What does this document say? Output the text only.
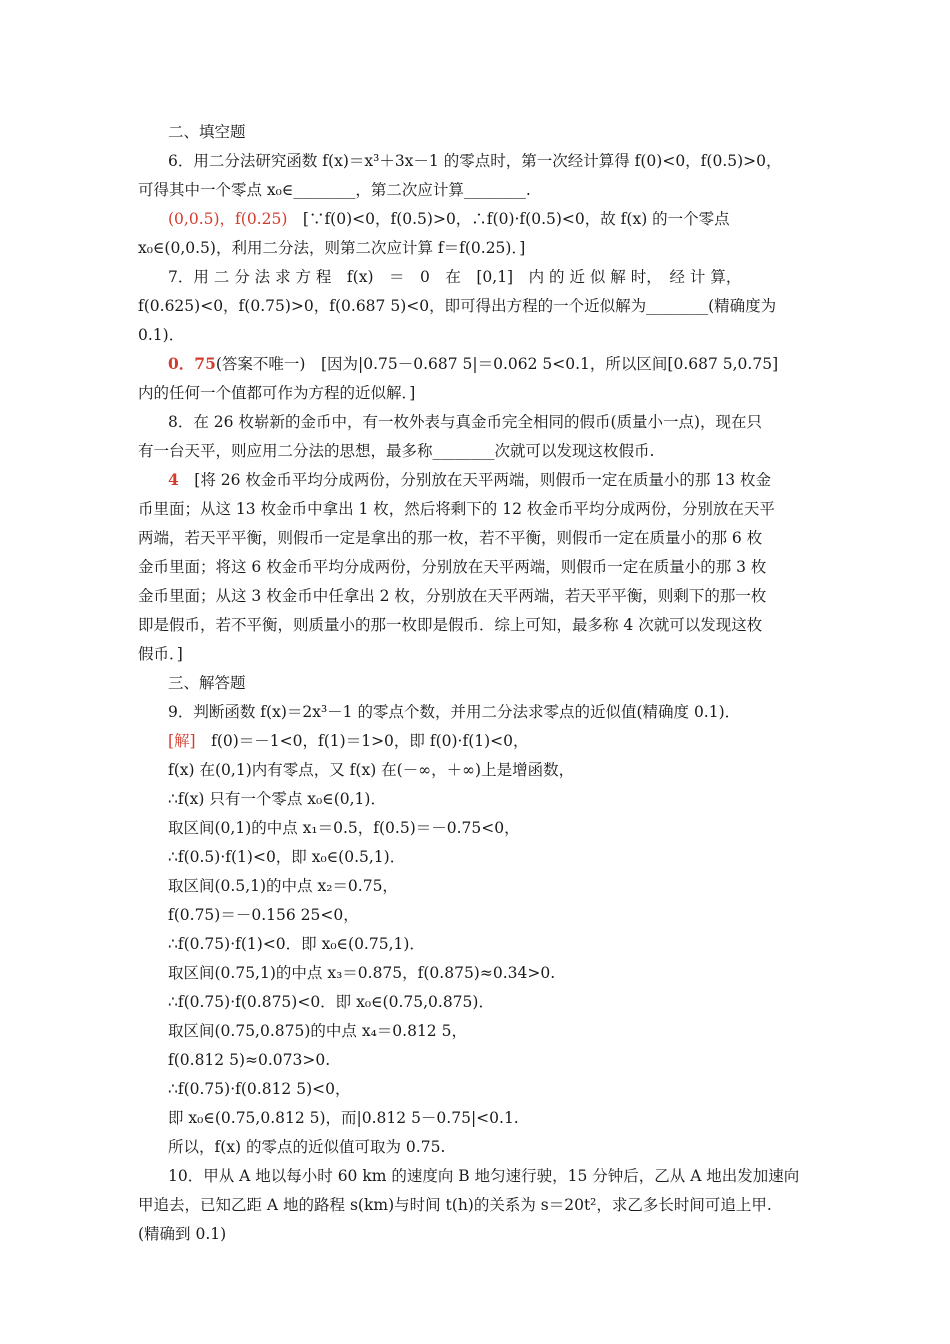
二、填空题
6．用二分法研究函数 f(x)＝x³＋3x－1 的零点时，第一次经计算得 f(0)<0，f(0.5)>0，
可得其中一个零点 x₀∈________，第二次应计算________.
(0,0.5)，f(0.25)　[∵f(0)<0，f(0.5)>0，∴f(0)·f(0.5)<0，故 f(x) 的一个零点
x₀∈(0,0.5)，利用二分法，则第二次应计算 f＝f(0.25)．]
7．用 二 分 法 求 方 程　f(x)　＝　0　在　[0,1]　内 的 近 似 解 时，　经 计 算，
f(0.625)<0，f(0.75)>0，f(0.687 5)<0，即可得出方程的一个近似解为________(精确度为
0.1)．
0．75(答案不唯一)　[因为|0.75－0.687 5|＝0.062 5<0.1，所以区间[0.687 5,0.75]
内的任何一个值都可作为方程的近似解．]
8．在 26 枚崭新的金币中，有一枚外表与真金币完全相同的假币(质量小一点)，现在只
有一台天平，则应用二分法的思想，最多称________次就可以发现这枚假币.
4　[将 26 枚金币平均分成两份，分别放在天平两端，则假币一定在质量小的那 13 枚金
币里面；从这 13 枚金币中拿出 1 枚，然后将剩下的 12 枚金币平均分成两份，分别放在天平
两端，若天平平衡，则假币一定是拿出的那一枚，若不平衡，则假币一定在质量小的那 6 枚
金币里面；将这 6 枚金币平均分成两份，分别放在天平两端，则假币一定在质量小的那 3 枚
金币里面；从这 3 枚金币中任拿出 2 枚，分别放在天平两端，若天平平衡，则剩下的那一枚
即是假币，若不平衡，则质量小的那一枚即是假币．综上可知，最多称 4 次就可以发现这枚
假币．]
三、解答题
9．判断函数 f(x)＝2x³－1 的零点个数，并用二分法求零点的近似值(精确度 0.1)．
[解]　f(0)＝－1<0，f(1)＝1>0，即 f(0)·f(1)<0，
f(x) 在(0,1)内有零点，又 f(x) 在(－∞，＋∞)上是增函数，
∴f(x) 只有一个零点 x₀∈(0,1)．
取区间(0,1)的中点 x₁＝0.5，f(0.5)＝－0.75<0，
∴f(0.5)·f(1)<0，即 x₀∈(0.5,1)．
取区间(0.5,1)的中点 x₂＝0.75，
f(0.75)＝－0.156 25<0，
∴f(0.75)·f(1)<0．即 x₀∈(0.75,1)．
取区间(0.75,1)的中点 x₃＝0.875，f(0.875)≈0.34>0.
∴f(0.75)·f(0.875)<0．即 x₀∈(0.75,0.875)．
取区间(0.75,0.875)的中点 x₄＝0.812 5，
f(0.812 5)≈0.073>0.
∴f(0.75)·f(0.812 5)<0，
即 x₀∈(0.75,0.812 5)，而|0.812 5－0.75|<0.1.
所以，f(x) 的零点的近似值可取为 0.75.
10．甲从 A 地以每小时 60 km 的速度向 B 地匀速行驶，15 分钟后，乙从 A 地出发加速向
甲追去，已知乙距 A 地的路程 s(km)与时间 t(h)的关系为 s＝20t²，求乙多长时间可追上甲.
(精确到 0.1)
